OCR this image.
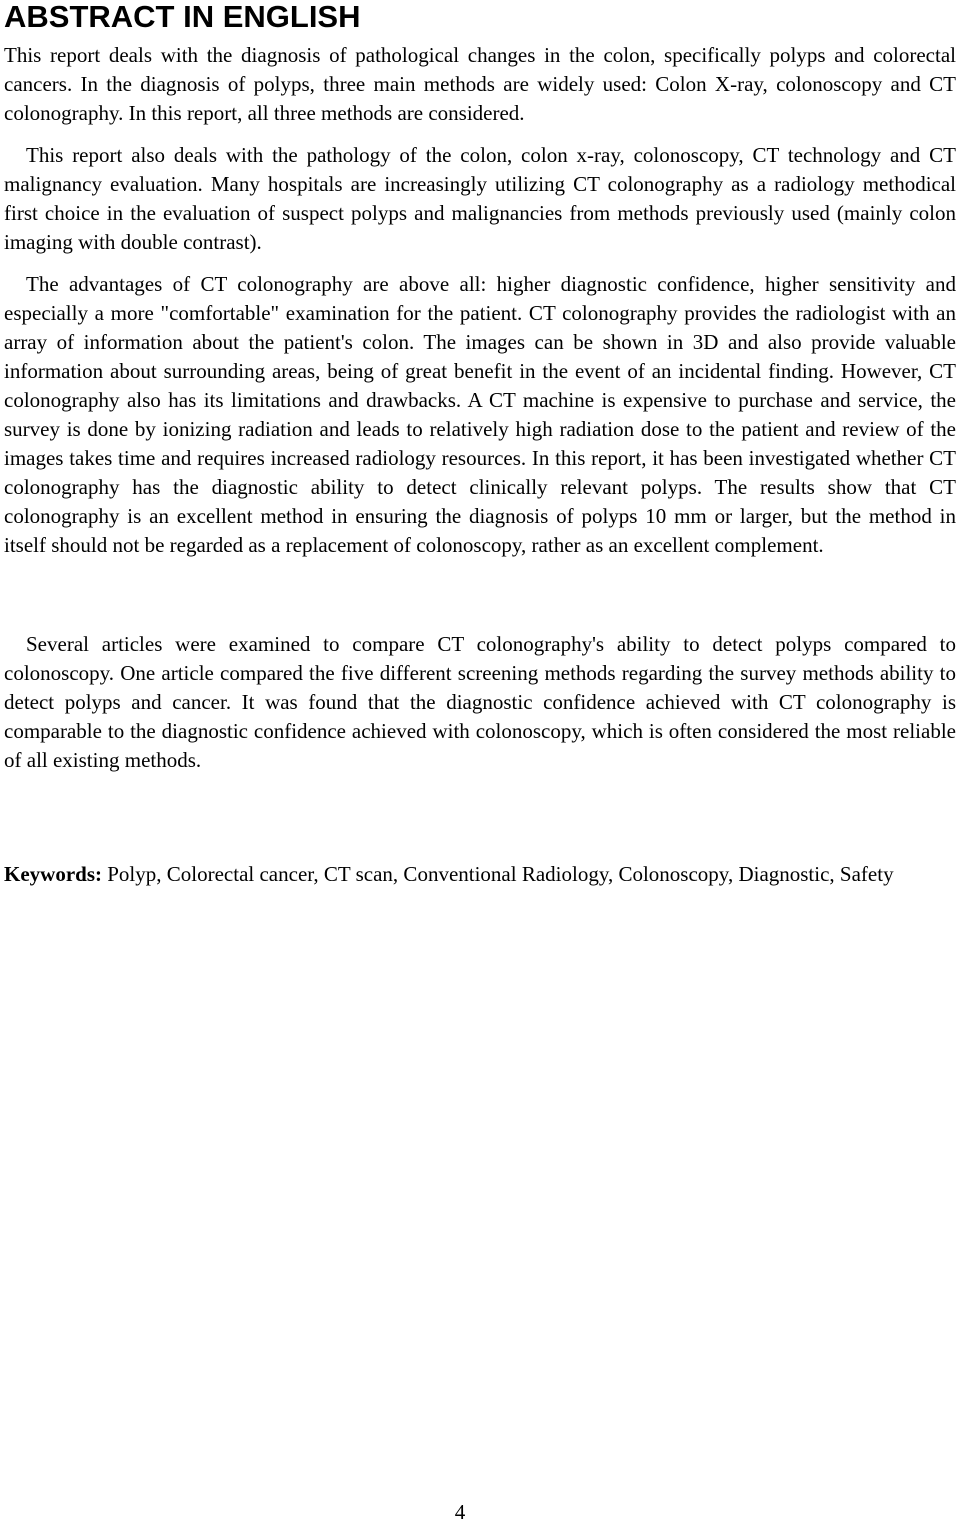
ABSTRACT IN ENGLISH

This report deals with the diagnosis of pathological changes in the colon, specifically polyps and colorectal cancers. In the diagnosis of polyps, three main methods are widely used: Colon X-ray, colonoscopy and CT colonography. In this report, all three methods are considered.

This report also deals with the pathology of the colon, colon x-ray, colonoscopy, CT technology and CT malignancy evaluation. Many hospitals are increasingly utilizing CT colonography as a radiology methodical first choice in the evaluation of suspect polyps and malignancies from methods previously used (mainly colon imaging with double contrast).

The advantages of CT colonography are above all: higher diagnostic confidence, higher sensitivity and especially a more "comfortable" examination for the patient. CT colonography provides the radiologist with an array of information about the patient's colon. The images can be shown in 3D and also provide valuable information about surrounding areas, being of great benefit in the event of an incidental finding. However, CT colonography also has its limitations and drawbacks. A CT machine is expensive to purchase and service, the survey is done by ionizing radiation and leads to relatively high radiation dose to the patient and review of the images takes time and requires increased radiology resources. In this report, it has been investigated whether CT colonography has the diagnostic ability to detect clinically relevant polyps. The results show that CT colonography is an excellent method in ensuring the diagnosis of polyps 10 mm or larger, but the method in itself should not be regarded as a replacement of colonoscopy, rather as an excellent complement.

Several articles were examined to compare CT colonography's ability to detect polyps compared to colonoscopy. One article compared the five different screening methods regarding the survey methods ability to detect polyps and cancer. It was found that the diagnostic confidence achieved with CT colonography is comparable to the diagnostic confidence achieved with colonoscopy, which is often considered the most reliable of all existing methods.

Keywords: Polyp, Colorectal cancer, CT scan, Conventional Radiology, Colonoscopy, Diagnostic, Safety
4
